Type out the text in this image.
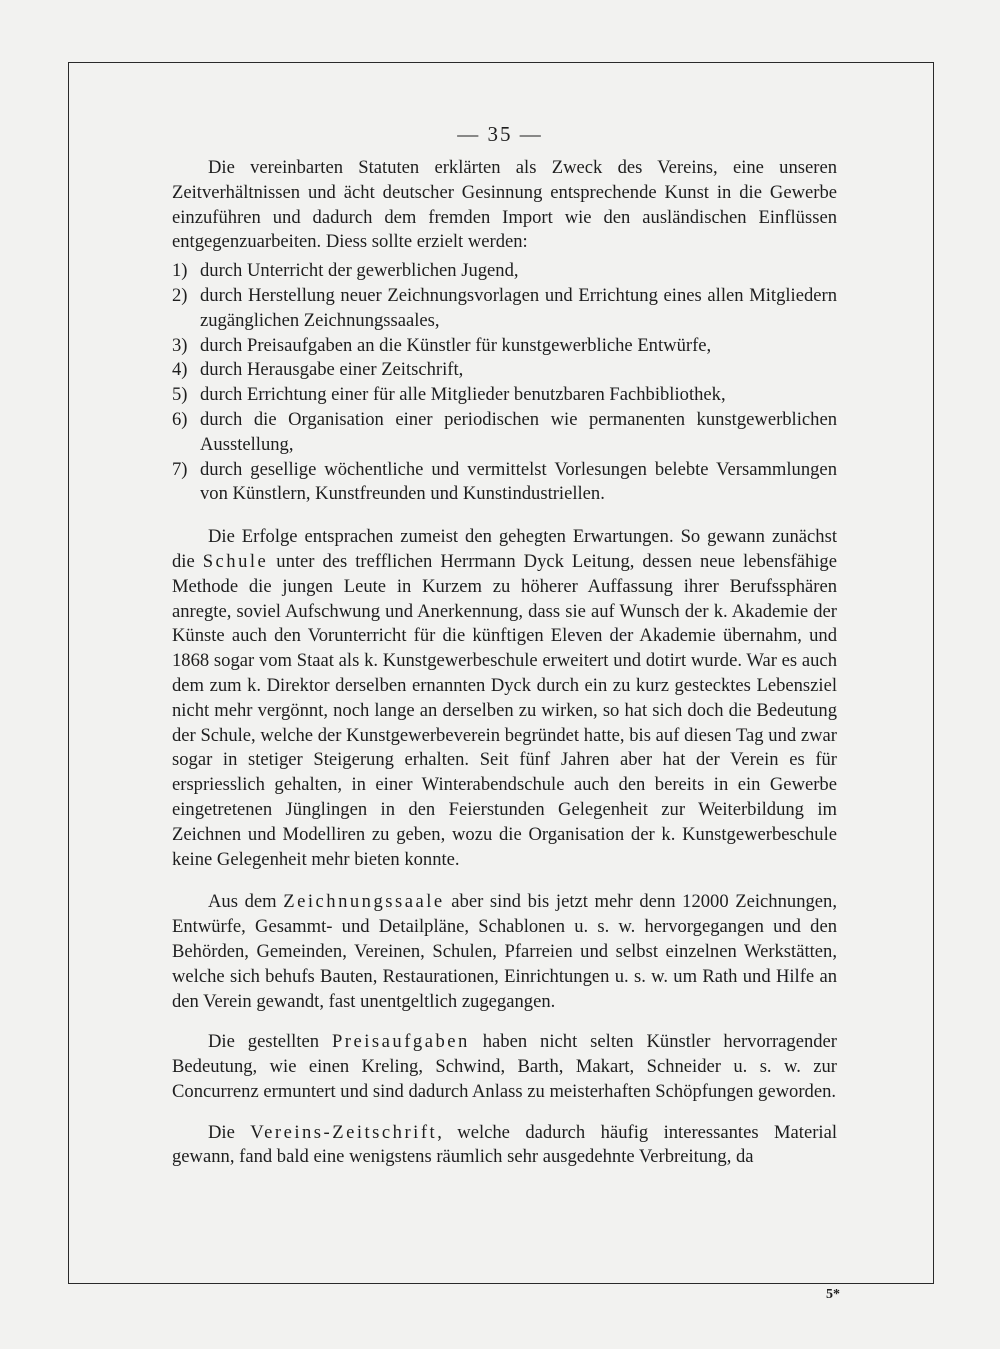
— 35 —

Die vereinbarten Statuten erklärten als Zweck des Vereins, eine unseren Zeitverhältnissen und ächt deutscher Gesinnung entsprechende Kunst in die Gewerbe einzuführen und dadurch dem fremden Import wie den ausländischen Einflüssen entgegenzuarbeiten. Diess sollte erzielt werden:

1) durch Unterricht der gewerblichen Jugend,
2) durch Herstellung neuer Zeichnungsvorlagen und Errichtung eines allen Mitgliedern zugänglichen Zeichnungssaales,
3) durch Preisaufgaben an die Künstler für kunstgewerbliche Entwürfe,
4) durch Herausgabe einer Zeitschrift,
5) durch Errichtung einer für alle Mitglieder benutzbaren Fachbibliothek,
6) durch die Organisation einer periodischen wie permanenten kunstgewerblichen Ausstellung,
7) durch gesellige wöchentliche und vermittelst Vorlesungen belebte Versammlungen von Künstlern, Kunstfreunden und Kunstindustriellen.

Die Erfolge entsprachen zumeist den gehegten Erwartungen. So gewann zunächst die Schule unter des trefflichen Herrmann Dyck Leitung, dessen neue lebensfähige Methode die jungen Leute in Kurzem zu höherer Auffassung ihrer Berufssphären anregte, soviel Aufschwung und Anerkennung, dass sie auf Wunsch der k. Akademie der Künste auch den Vorunterricht für die künftigen Eleven der Akademie übernahm, und 1868 sogar vom Staat als k. Kunstgewerbeschule erweitert und dotirt wurde. War es auch dem zum k. Direktor derselben ernannten Dyck durch ein zu kurz gestecktes Lebensziel nicht mehr vergönnt, noch lange an derselben zu wirken, so hat sich doch die Bedeutung der Schule, welche der Kunstgewerbeverein begründet hatte, bis auf diesen Tag und zwar sogar in stetiger Steigerung erhalten. Seit fünf Jahren aber hat der Verein es für erspriesslich gehalten, in einer Winterabendschule auch den bereits in ein Gewerbe eingetretenen Jünglingen in den Feierstunden Gelegenheit zur Weiterbildung im Zeichnen und Modelliren zu geben, wozu die Organisation der k. Kunstgewerbeschule keine Gelegenheit mehr bieten konnte.

Aus dem Zeichnungssaale aber sind bis jetzt mehr denn 12000 Zeichnungen, Entwürfe, Gesammt- und Detailpläne, Schablonen u. s. w. hervorgegangen und den Behörden, Gemeinden, Vereinen, Schulen, Pfarreien und selbst einzelnen Werkstätten, welche sich behufs Bauten, Restaurationen, Einrichtungen u. s. w. um Rath und Hilfe an den Verein gewandt, fast unentgeltlich zugegangen.

Die gestellten Preisaufgaben haben nicht selten Künstler hervorragender Bedeutung, wie einen Kreling, Schwind, Barth, Makart, Schneider u. s. w. zur Concurrenz ermuntert und sind dadurch Anlass zu meisterhaften Schöpfungen geworden.

Die Vereins-Zeitschrift, welche dadurch häufig interessantes Material gewann, fand bald eine wenigstens räumlich sehr ausgedehnte Verbreitung, da

5*
